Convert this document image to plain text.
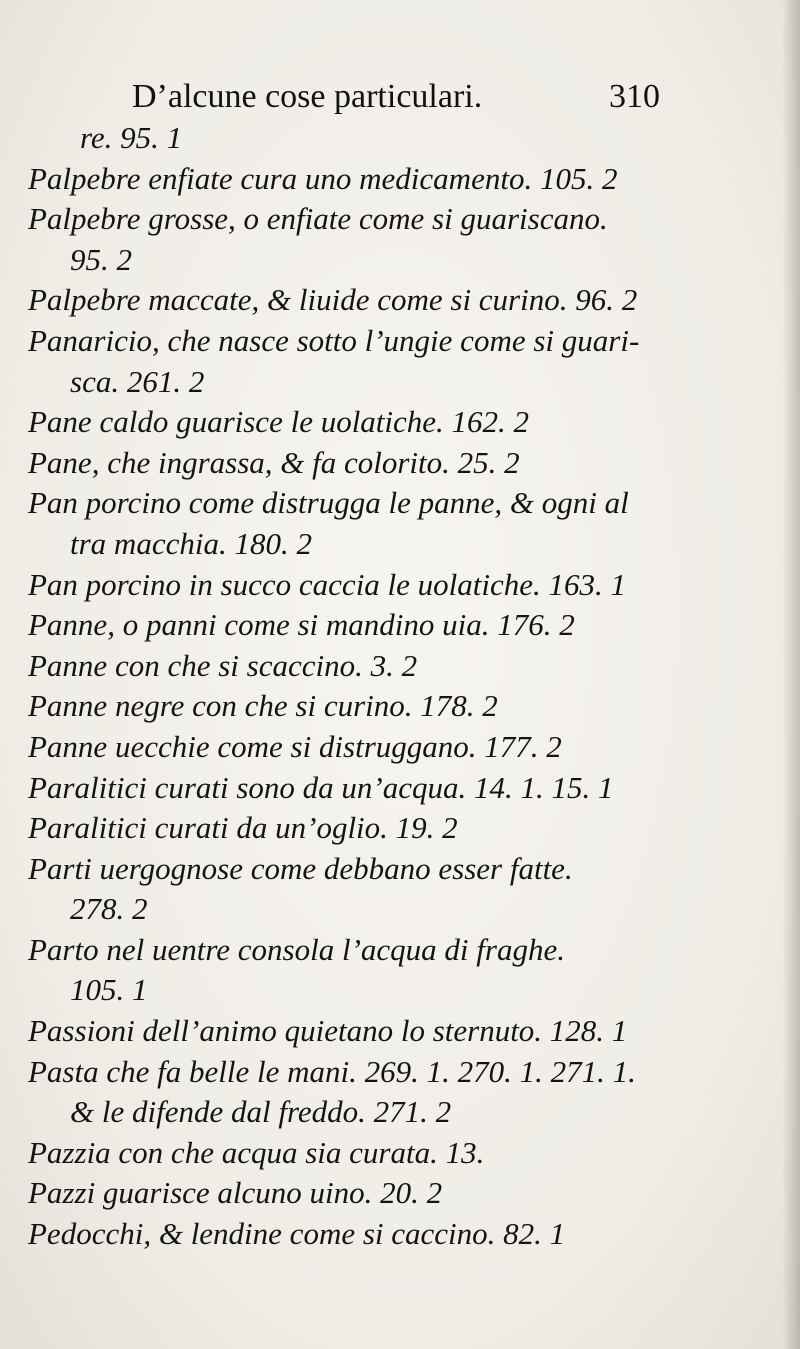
D’alcune cose particulari.	310
re. 95. 1
Palpebre enfiate cura uno medicamento. 105. 2
Palpebre grosse, o enfiate come si guariscano.
95. 2
Palpebre maccate, & liuide come si curino. 96. 2
Panaricio, che nasce sotto l’ungie come si guari-
sca. 261. 2
Pane caldo guarisce le uolatiche. 162. 2
Pane, che ingrassa, & fa colorito. 25. 2
Pan porcino come distrugga le panne, & ogni al
tra macchia. 180. 2
Pan porcino in succo caccia le uolatiche. 163. 1
Panne, o panni come si mandino uia. 176. 2
Panne con che si scaccino. 3. 2
Panne negre con che si curino. 178. 2
Panne uecchie come si distruggano. 177. 2
Paralitici curati sono da un’acqua. 14. 1. 15. 1
Paralitici curati da un’oglio. 19. 2
Parti uergognose come debbano esser fatte.
278. 2
Parto nel uentre consola l’acqua di fraghe.
105. 1
Passioni dell’animo quietano lo sternuto. 128. 1
Pasta che fa belle le mani. 269. 1. 270. 1. 271. 1.
& le difende dal freddo. 271. 2
Pazzia con che acqua sia curata. 13.
Pazzi guarisce alcuno uino. 20. 2
Pedocchi, & lendine come si caccino. 82. 1
